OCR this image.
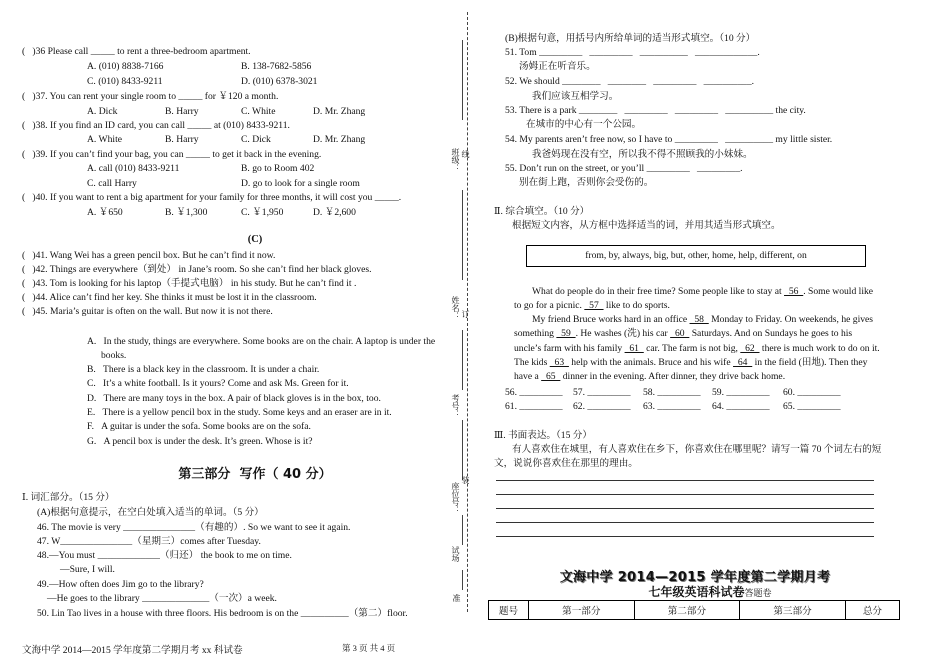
(   )36 Please call _____ to rent a three-bedroom apartment.
A. (010) 8838-7166	B. 138-7682-5856
C. (010) 8433-9211	D. (010) 6378-3021
(   )37. You can rent your single room to _____ for ￥120 a month.
A. Dick	B. Harry	C. White	D. Mr. Zhang
(   )38. If you find an ID card, you can call _____ at (010) 8433-9211.
A. White	B. Harry	C. Dick	D. Mr. Zhang
(   )39. If you can’t find your bag, you can _____ to get it back in the evening.
A. call (010) 8433-9211	B. go to Room 402
C. call Harry	D. go to look for a single room
(   )40. If you want to rent a big apartment for your family for three months, it will cost you _____.
A. ￥650	B. ￥1,300	C. ￥1,950	D. ￥2,600
(C)
(   )41. Wang Wei has a green pencil box. But he can’t find it now.
(   )42. Things are everywhere（到处） in Jane’s room. So she can’t find her black gloves.
(   )43. Tom is looking for his laptop（手提式电脑） in his study. But he can’t find it .
(   )44. Alice can’t find her key. She thinks it must be lost it in the classroom.
(   )45. Maria’s guitar is often on the wall. But now it is not there.
A.   In the study, things are everywhere. Some books are on the chair. A laptop is under the
books.
B.   There is a black key in the classroom. It is under a chair.
C.   It’s a white football. Is it yours? Come and ask Ms. Green for it.
D.   There are many toys in the box. A pair of black gloves is in the box, too.
E.   There is a yellow pencil box in the study. Some keys and an eraser are in it.
F.   A guitar is under the sofa. Some books are on the sofa.
G.   A pencil box is under the desk. It’s green. Whose is it?
第三部分  写作（ 40 分）
Ⅰ. 词汇部分。（15 分）
(A)根据句意提示，在空白处填入适当的单词。（5 分）
46. The movie is very _______________（有趣的）. So we want to see it again.
47. W_______________（星期三）comes after Tuesday.
48.—You must _____________（归还） the book to me on time.
—Sure, I will.
49.—How often does Jim go to the library?
—He goes to the library ______________（一次）a week.
50. Lin Tao lives in a house with three floors. His bedroom is on the __________（第二）floor.
班级： 线
姓名： 订
考号：
座位号：
装
试场
准
(B)根据句意，用括号内所给单词的适当形式填空。（10 分）
51. Tom _________   _________   __________   _____________.
汤姆正在听音乐。
52. We should ________   ________   _________   __________.
我们应该互相学习。
53. There is a park ________   _________   _________   __________ the city.
在城市的中心有一个公园。
54. My parents aren’t free now, so I have to _________   __________ my little sister.
我爸妈现在没有空，所以我不得不照顾我的小妹妹。
55. Don’t run on the street, or you’ll _________   _________.
别在街上跑，否则你会受伤的。
Ⅱ. 综合填空。（10 分）
根据短文内容，从方框中选择适当的词，并用其适当形式填空。
from, by, always, big, but, other, home, help, different, on
What do people do in their free time? Some people like to stay at   56  . Some would like
to go for a picnic.   57   like to do sports.
My friend Bruce works hard in an office   58   Monday to Friday. On weekends, he gives
something   59  . He washes (洗) his car   60   Saturdays. And on Sundays he goes to his
uncle’s farm with his family   61   car. The farm is not big,   62   there is much work to do on it.
The kids   63   help with the animals. Bruce and his wife   64   in the field (田地). Then they
have a   65   dinner in the evening. After dinner, they drive back home.
56. _________ 57. _________ 58. _________ 59. _________ 60. _________
61. _________ 62. _________ 63. _________ 64. _________ 65. _________
Ⅲ. 书面表达。（15 分）
有人喜欢住在城里，有人喜欢住在乡下，你喜欢住在哪里呢？请写一篇 70 个词左右的短
文，说说你喜欢住在那里的理由。
文海中学 2014—2015 学年度第二学期月考
七年级英语科试卷答题卷
题号	第一部分	第二部分	第三部分	总分
文海中学 2014—2015 学年度第二学期月考 xx 科试卷	第 3 页 共 4 页
